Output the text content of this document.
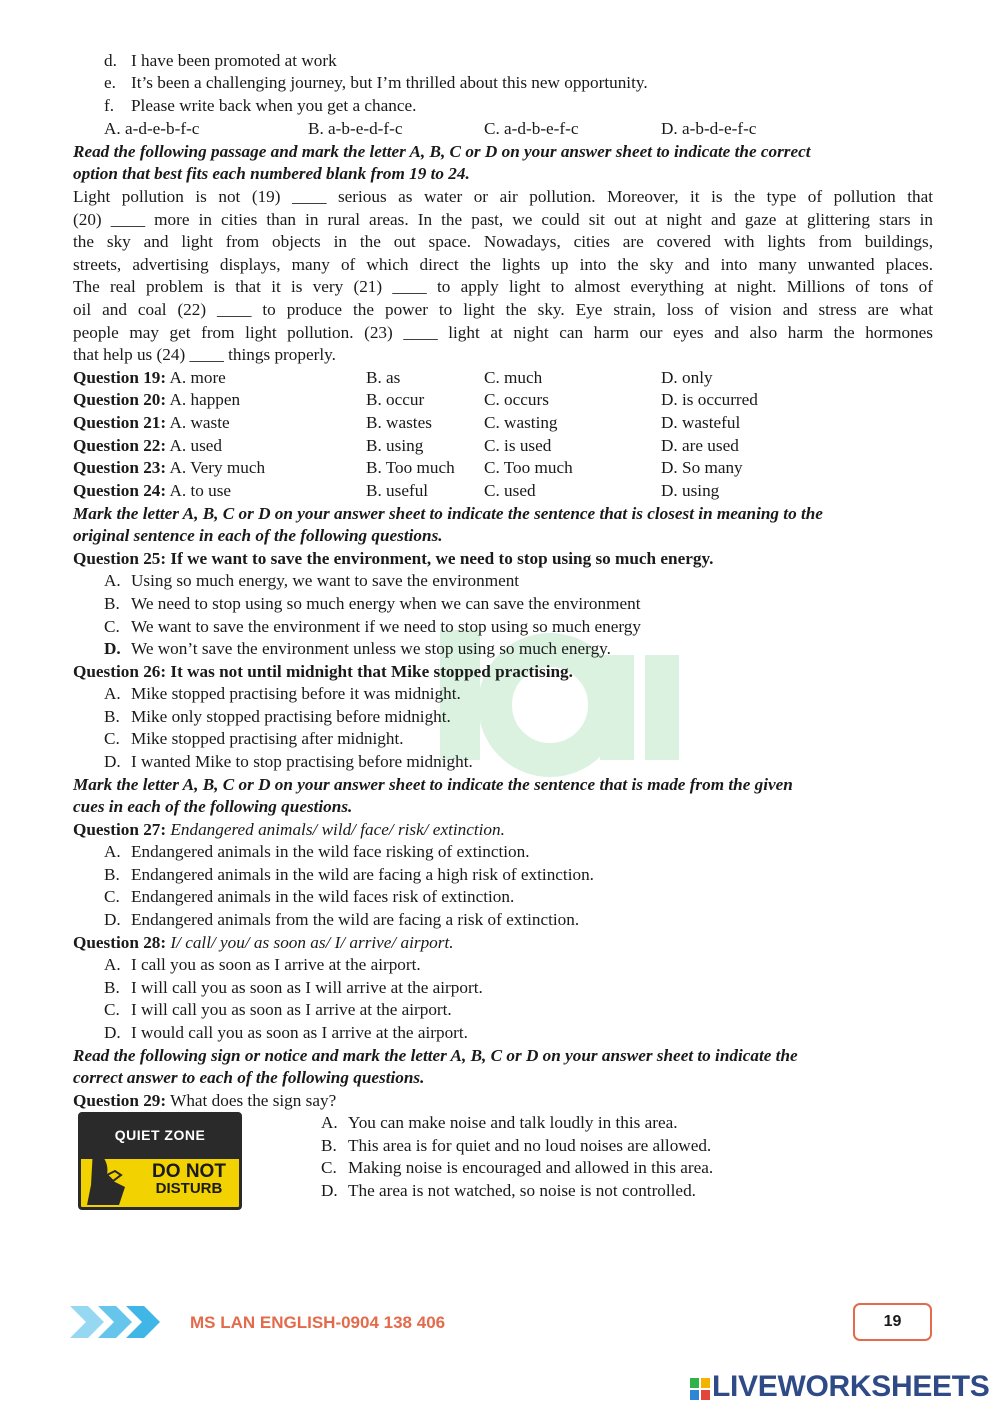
d. I have been promoted at work
e. It’s been a challenging journey, but I’m thrilled about this new opportunity.
f. Please write back when you get a chance.
A. a-d-e-b-f-c	B. a-b-e-d-f-c	C. a-d-b-e-f-c	D. a-b-d-e-f-c
Read the following passage and mark the letter A, B, C or D on your answer sheet to indicate the correct
option that best fits each numbered blank from 19 to 24.
Light pollution is not (19) ____ serious as water or air pollution. Moreover, it is the type of pollution that
(20) ____ more in cities than in rural areas. In the past, we could sit out at night and gaze at glittering stars in
the sky and light from objects in the out space. Nowadays, cities are covered with lights from buildings,
streets, advertising displays, many of which direct the lights up into the sky and into many unwanted places.
The real problem is that it is very (21) ____ to apply light to almost everything at night. Millions of tons of
oil and coal (22) ____ to produce the power to light the sky. Eye strain, loss of vision and stress are what
people may get from light pollution. (23) ____ light at night can harm our eyes and also harm the hormones
that help us (24) ____ things properly.
Question 19: A. more	B. as	C. much	D. only
Question 20: A. happen	B. occur	C. occurs	D. is occurred
Question 21: A. waste	B. wastes	C. wasting	D. wasteful
Question 22: A. used	B. using	C. is used	D. are used
Question 23: A. Very much	B. Too much C. Too much	D. So many
Question 24: A. to use	B. useful	C. used	D. using
Mark the letter A, B, C or D on your answer sheet to indicate the sentence that is closest in meaning to the
original sentence in each of the following questions.
Question 25: If we want to save the environment, we need to stop using so much energy.
A. Using so much energy, we want to save the environment
B. We need to stop using so much energy when we can save the environment
C. We want to save the environment if we need to stop using so much energy
D. We won’t save the environment unless we stop using so much energy.
Question 26: It was not until midnight that Mike stopped practising.
A. Mike stopped practising before it was midnight.
B. Mike only stopped practising before midnight.
C. Mike stopped practising after midnight.
D. I wanted Mike to stop practising before midnight.
Mark the letter A, B, C or D on your answer sheet to indicate the sentence that is made from the given
cues in each of the following questions.
Question 27: Endangered animals/ wild/ face/ risk/ extinction.
A. Endangered animals in the wild face risking of extinction.
B. Endangered animals in the wild are facing a high risk of extinction.
C. Endangered animals in the wild faces risk of extinction.
D. Endangered animals from the wild are facing a risk of extinction.
Question 28: I/ call/ you/ as soon as/ I/ arrive/ airport.
A. I call you as soon as I arrive at the airport.
B. I will call you as soon as I will arrive at the airport.
C. I will call you as soon as I arrive at the airport.
D. I would call you as soon as I arrive at the airport.
Read the following sign or notice and mark the letter A, B, C or D on your answer sheet to indicate the
correct answer to each of the following questions.
Question 29: What does the sign say?
QUIET ZONE
DO NOT
DISTURB
A. You can make noise and talk loudly in this area.
B. This area is for quiet and no loud noises are allowed.
C. Making noise is encouraged and allowed in this area.
D. The area is not watched, so noise is not controlled.
MS LAN ENGLISH-0904 138 406	19
LIVEWORKSHEETS
